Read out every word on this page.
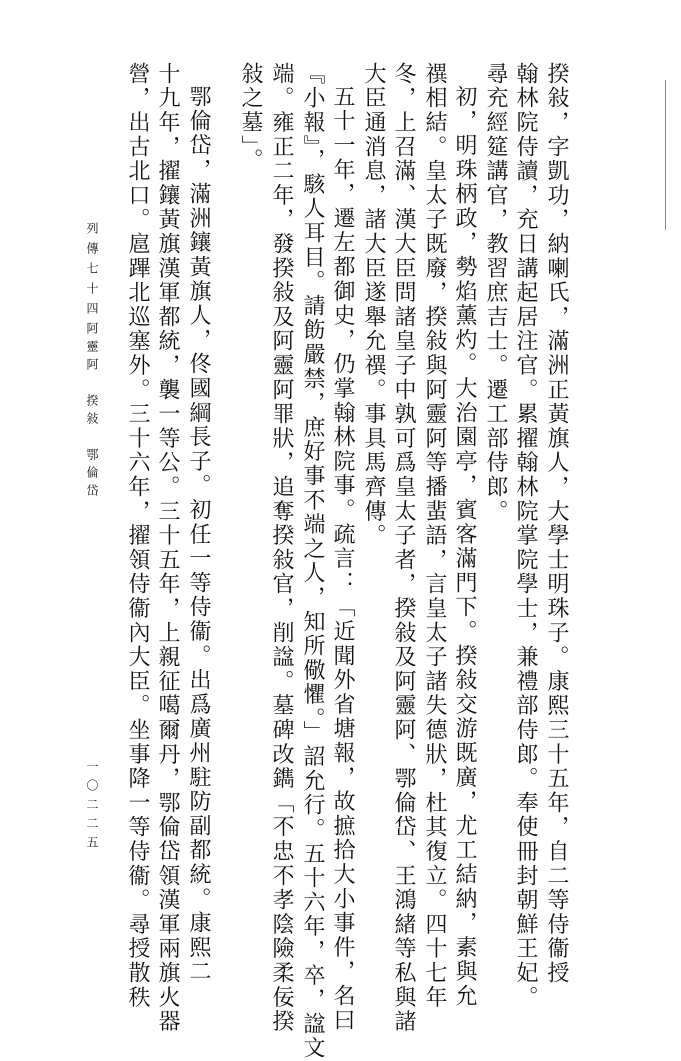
揆敍，字凱功，納喇氏，滿洲正黃旗人，大學士明珠子。康熙三十五年，自二等侍衞授
翰林院侍讀，充日講起居注官。累擢翰林院掌院學士，兼禮部侍郎。奉使冊封朝鮮王妃。
尋充經筵講官，教習庶吉士。遷工部侍郎。
初，明珠柄政，勢焰薰灼。大治園亭，賓客滿門下。揆敍交游既廣，尤工結納，素與允
禩相結。皇太子既廢，揆敍與阿靈阿等播蜚語，言皇太子諸失德狀，杜其復立。四十七年
冬，上召滿、漢大臣問諸皇子中孰可爲皇太子者，揆敍及阿靈阿、鄂倫岱、王鴻緒等私與諸
大臣通消息，諸大臣遂舉允禩。事具馬齊傳。
五十一年，遷左都御史，仍掌翰林院事。疏言：「近聞外省塘報，故摭拾大小事件，名曰
『小報』，駭人耳目。請飭嚴禁，庶好事不端之人，知所儆懼。」詔允行。五十六年，卒，諡文
端。雍正二年，發揆敍及阿靈阿罪狀，追奪揆敍官，削諡。墓碑改鐫「不忠不孝陰險柔佞揆
敍之墓」。
鄂倫岱，滿洲鑲黃旗人，佟國綱長子。初任一等侍衞。出爲廣州駐防副都統。康熙二
十九年，擢鑲黃旗漢軍都統，襲一等公。三十五年，上親征噶爾丹，鄂倫岱領漢軍兩旗火器
營，出古北口。扈蹕北巡塞外。三十六年，擢領侍衞內大臣。坐事降一等侍衞。尋授散秩
列傳七十四
阿靈阿　揆敍　鄂倫岱
一〇二二五
